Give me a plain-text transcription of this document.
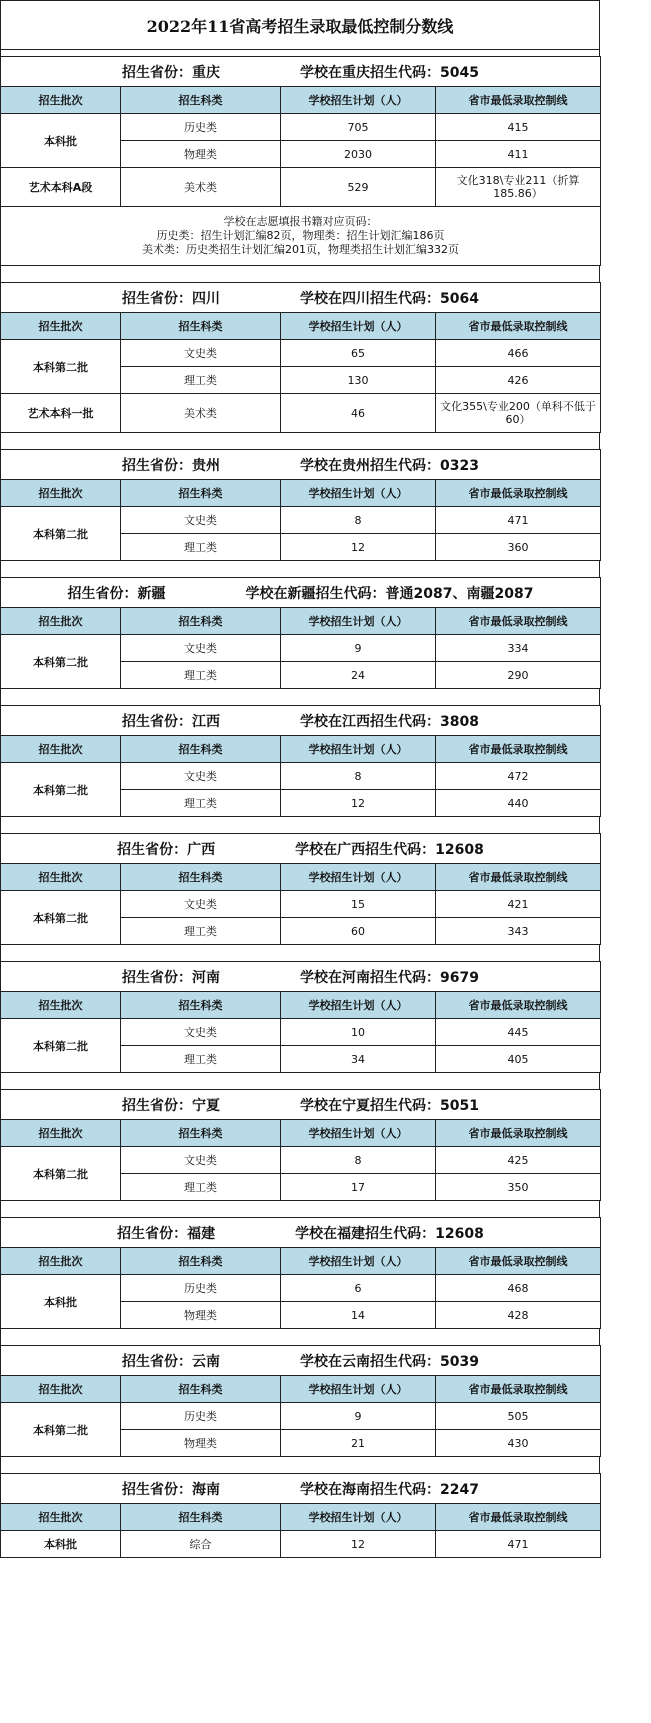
2022年11省高考招生录取最低控制分数线
招生省份：重庆 学校在重庆招生代码：5045			
招生批次	招生科类	学校招生计划（人）	省市最低录取控制线
本科批	历史类	705	415
	物理类	2030	411
艺术本科A段	美术类	529	文化318\专业211（折算185.86）

学校在志愿填报书籍对应页码：
历史类：招生计划汇编82页，物理类：招生计划汇编186页
美术类：历史类招生计划汇编201页，物理类招生计划汇编332页			
招生省份：四川 学校在四川招生代码：5064			
招生批次	招生科类	学校招生计划（人）	省市最低录取控制线
本科第二批	文史类	65	466
	理工类	130	426
艺术本科一批	美术类	46	文化355\专业200（单科不低于60）
招生省份：贵州 学校在贵州招生代码：0323			
招生批次	招生科类	学校招生计划（人）	省市最低录取控制线
本科第二批	文史类	8	471
	理工类	12	360
招生省份：新疆 学校在新疆招生代码：普通2087、南疆2087			
招生批次	招生科类	学校招生计划（人）	省市最低录取控制线
本科第二批	文史类	9	334
	理工类	24	290
招生省份：江西 学校在江西招生代码：3808			
招生批次	招生科类	学校招生计划（人）	省市最低录取控制线
本科第二批	文史类	8	472
	理工类	12	440
招生省份：广西 学校在广西招生代码：12608			
招生批次	招生科类	学校招生计划（人）	省市最低录取控制线
本科第二批	文史类	15	421
	理工类	60	343
招生省份：河南 学校在河南招生代码：9679			
招生批次	招生科类	学校招生计划（人）	省市最低录取控制线
本科第二批	文史类	10	445
	理工类	34	405
招生省份：宁夏 学校在宁夏招生代码：5051			
招生批次	招生科类	学校招生计划（人）	省市最低录取控制线
本科第二批	文史类	8	425
	理工类	17	350
招生省份：福建 学校在福建招生代码：12608			
招生批次	招生科类	学校招生计划（人）	省市最低录取控制线
本科批	历史类	6	468
	物理类	14	428
招生省份：云南 学校在云南招生代码：5039			
招生批次	招生科类	学校招生计划（人）	省市最低录取控制线
本科第二批	历史类	9	505
	物理类	21	430
招生省份：海南 学校在海南招生代码：2247			
招生批次	招生科类	学校招生计划（人）	省市最低录取控制线
本科批	综合	12	471
